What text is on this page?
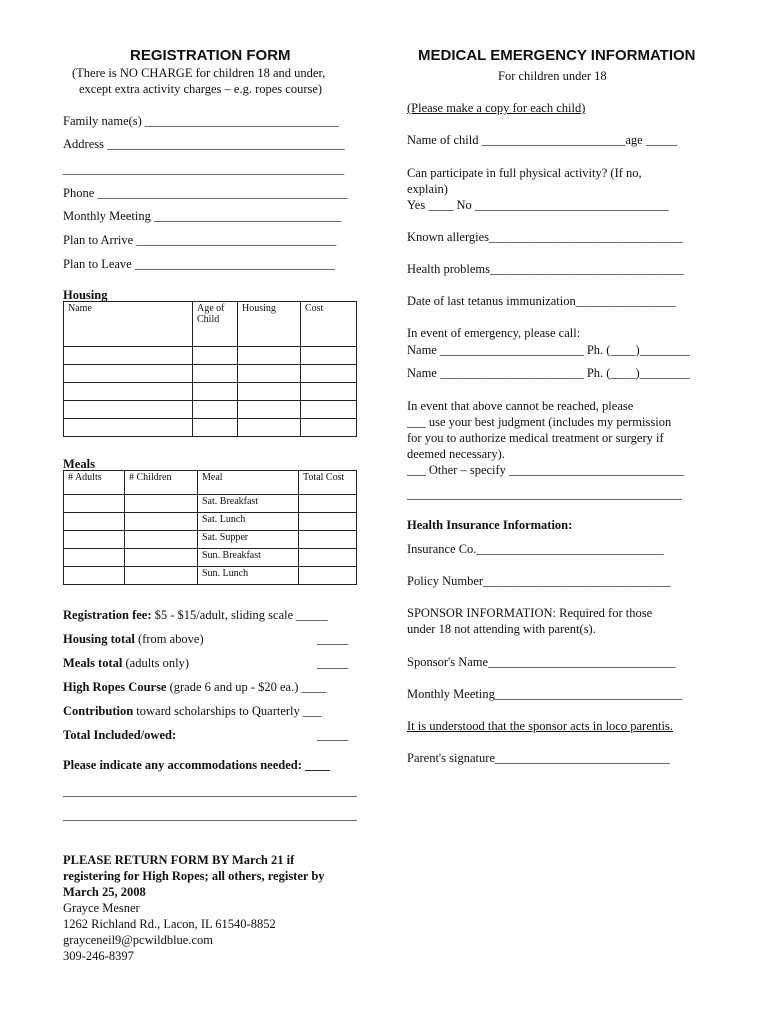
REGISTRATION FORM
(There is NO CHARGE for children 18 and under,
except extra activity charges – e.g. ropes course)
Family name(s) _______________________________
Address ______________________________________
_____________________________________________
Phone ________________________________________
Monthly Meeting ______________________________
Plan to Arrive ________________________________
Plan to Leave ________________________________
Housing
Name	Age of Child	Housing	Cost

Meals
# Adults	# Children	Meal	Total Cost
		Sat. Breakfast	
		Sat. Lunch	
		Sat. Supper	
		Sun. Breakfast	
		Sun. Lunch	
Registration fee: $5 - $15/adult, sliding scale _____
Housing total (from above)	_____
Meals total (adults only)	_____
High Ropes Course (grade 6 and up - $20 ea.) ____
Contribution toward scholarships to Quarterly ___
Total Included/owed:	_____
Please indicate any accommodations needed: ____
_______________________________________________
_______________________________________________
PLEASE RETURN FORM BY March 21 if
registering for High Ropes; all others, register by
March 25, 2008
Grayce Mesner
1262 Richland Rd., Lacon, IL 61540-8852
grayceneil9@pcwildblue.com
309-246-8397
MEDICAL EMERGENCY INFORMATION
For children under 18
(Please make a copy for each child)
Name of child _______________________age _____
Can participate in full physical activity? (If no,
explain)
Yes ____ No _______________________________
Known allergies_______________________________
Health problems_______________________________
Date of last tetanus immunization________________
In event of emergency, please call:
Name _______________________ Ph. (____)________
Name _______________________ Ph. (____)________
In event that above cannot be reached, please
___ use your best judgment (includes my permission
for you to authorize medical treatment or surgery if
deemed necessary).
___ Other – specify ____________________________
____________________________________________
Health Insurance Information:
Insurance Co.______________________________
Policy Number______________________________
SPONSOR INFORMATION: Required for those
under 18 not attending with parent(s).
Sponsor's Name______________________________
Monthly Meeting______________________________
It is understood that the sponsor acts in loco parentis.
Parent's signature____________________________
